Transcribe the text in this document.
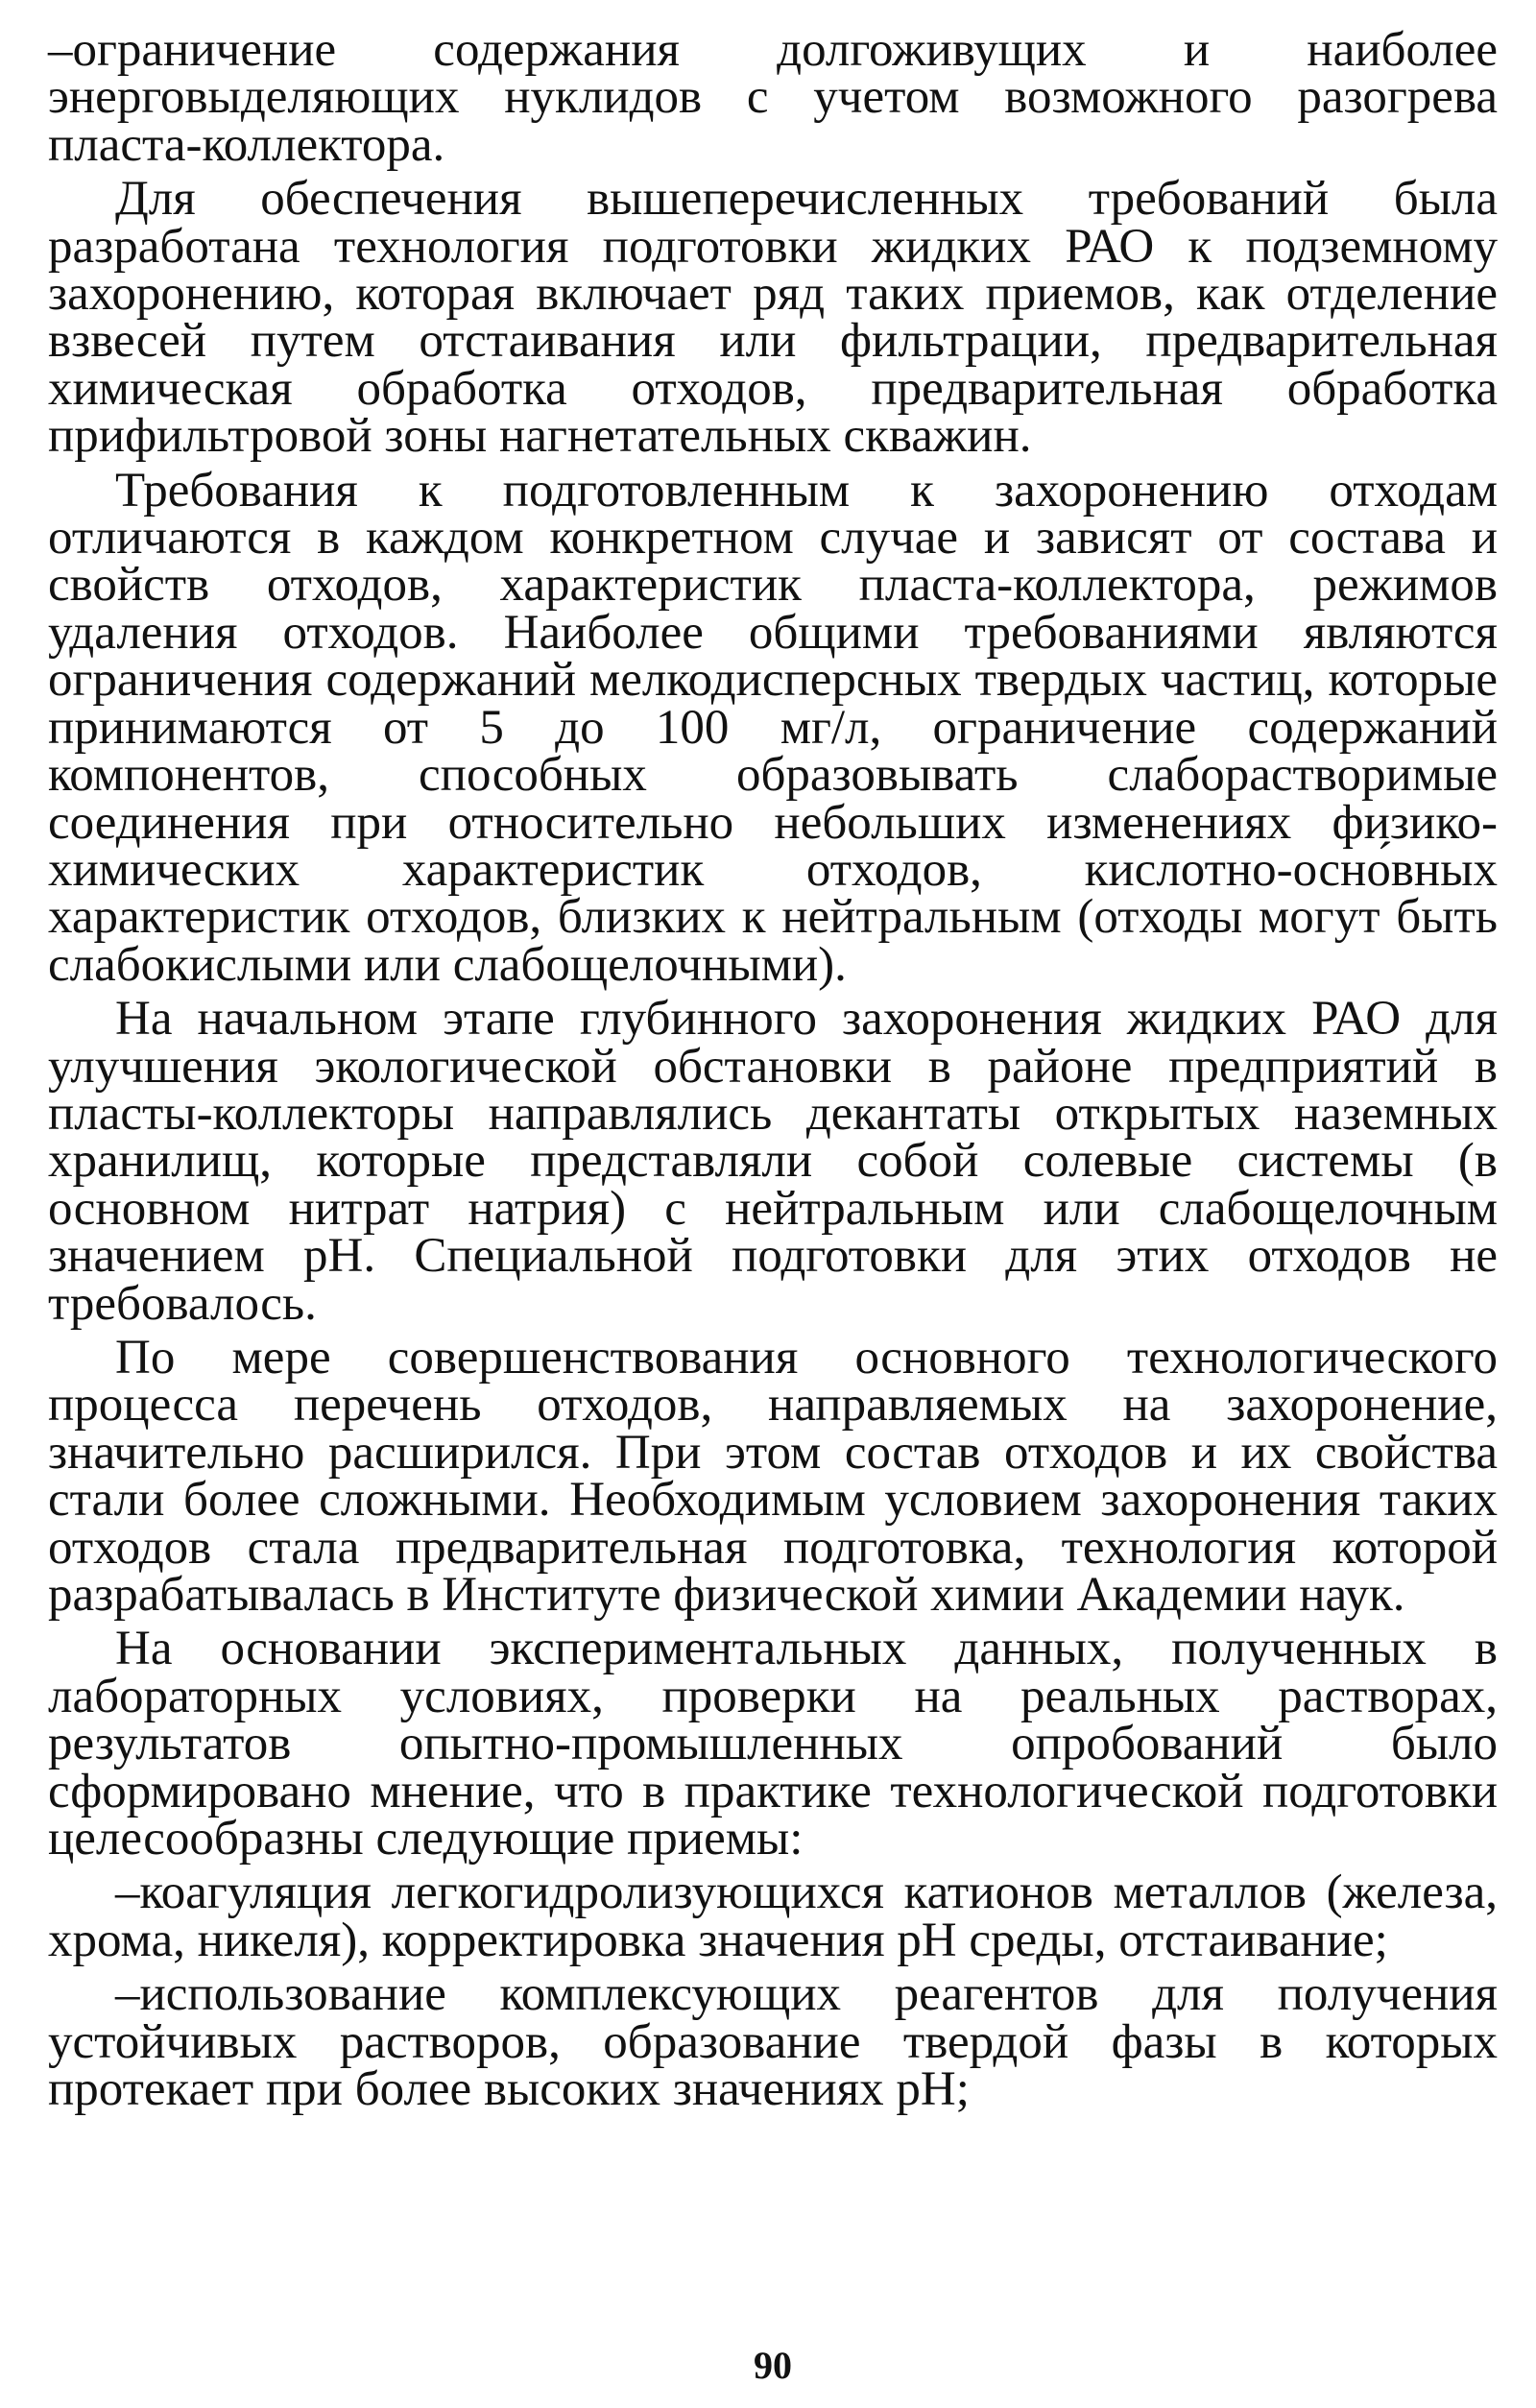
–ограничение содержания долгоживущих и наиболее энерговыделяющих нуклидов с учетом возможного разогрева пласта-коллектора.

Для обеспечения вышеперечисленных требований была разработана технология подготовки жидких РАО к подземному захоронению, которая включает ряд таких приемов, как отделение взвесей путем отстаивания или фильтрации, предварительная химическая обработка отходов, предварительная обработка прифильтровой зоны нагнетательных скважин.

Требования к подготовленным к захоронению отходам отличаются в каждом конкретном случае и зависят от состава и свойств отходов, характеристик пласта-коллектора, режимов удаления отходов. Наиболее общими требованиями являются ограничения содержаний мелкодисперсных твердых частиц, которые принимаются от 5 до 100 мг/л, ограничение содержаний компонентов, способных образовывать слаборастворимые соединения при относительно небольших изменениях физико-химических характеристик отходов, кислотно-осно́вных характеристик отходов, близких к нейтральным (отходы могут быть слабокислыми или слабощелочными).

На начальном этапе глубинного захоронения жидких РАО для улучшения экологической обстановки в районе предприятий в пласты-коллекторы направлялись декантаты открытых наземных хранилищ, которые представляли собой солевые системы (в основном нитрат натрия) с нейтральным или слабощелочным значением pH. Специальной подготовки для этих отходов не требовалось.

По мере совершенствования основного технологического процесса перечень отходов, направляемых на захоронение, значительно расширился. При этом состав отходов и их свойства стали более сложными. Необходимым условием захоронения таких отходов стала предварительная подготовка, технология которой разрабатывалась в Институте физической химии Академии наук.

На основании экспериментальных данных, полученных в лабораторных условиях, проверки на реальных растворах, результатов опытно-промышленных опробований было сформировано мнение, что в практике технологической подготовки целесообразны следующие приемы:

–коагуляция легкогидролизующихся катионов металлов (железа, хрома, никеля), корректировка значения pH среды, отстаивание;

–использование комплексующих реагентов для получения устойчивых растворов, образование твердой фазы в которых протекает при более высоких значениях pH;

90
